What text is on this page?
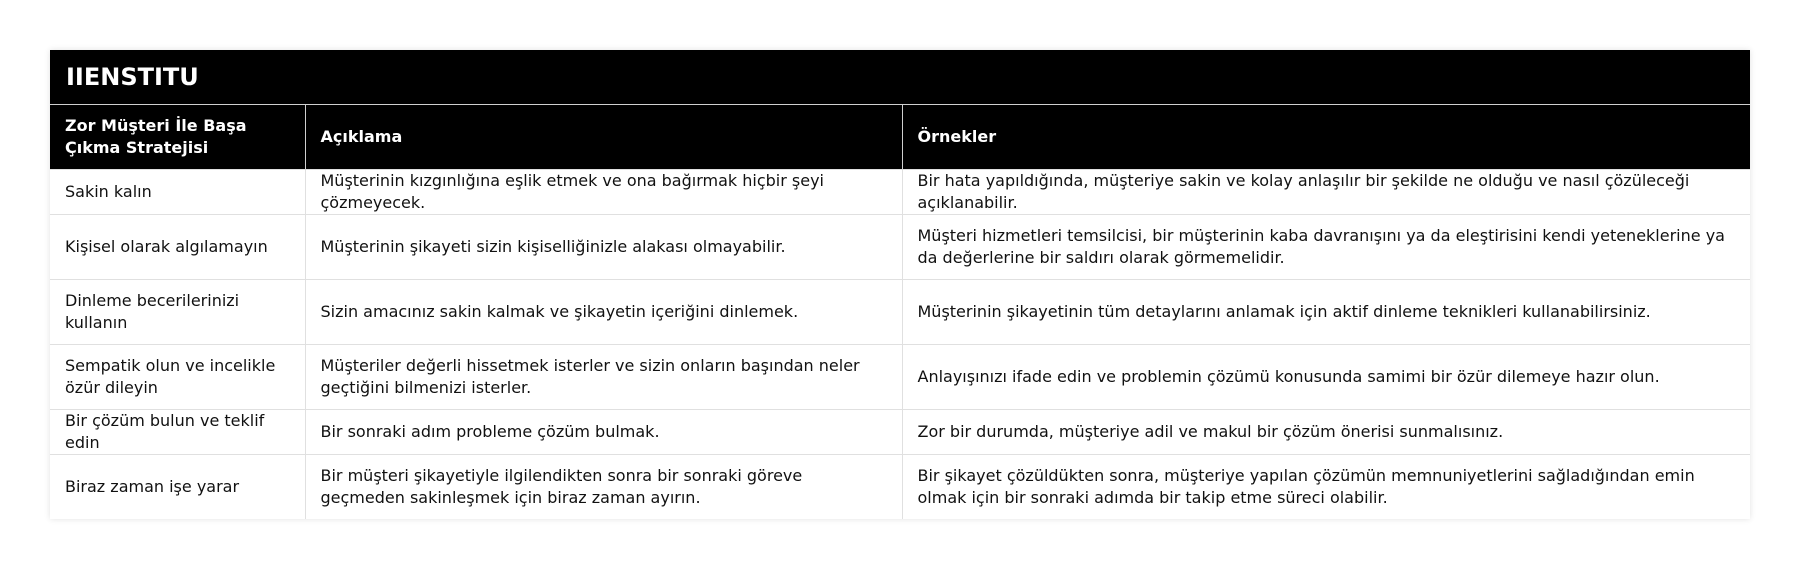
IIENSTITU
Zor Müşteri İle Başa Çıkma Stratejisi	Açıklama	Örnekler
Sakin kalın	Müşterinin kızgınlığına eşlik etmek ve ona bağırmak hiçbir şeyi çözmeyecek.	Bir hata yapıldığında, müşteriye sakin ve kolay anlaşılır bir şekilde ne olduğu ve nasıl çözüleceği açıklanabilir.
Kişisel olarak algılamayın	Müşterinin şikayeti sizin kişiselliğinizle alakası olmayabilir.	Müşteri hizmetleri temsilcisi, bir müşterinin kaba davranışını ya da eleştirisini kendi yeteneklerine ya da değerlerine bir saldırı olarak görmemelidir.
Dinleme becerilerinizi kullanın	Sizin amacınız sakin kalmak ve şikayetin içeriğini dinlemek.	Müşterinin şikayetinin tüm detaylarını anlamak için aktif dinleme teknikleri kullanabilirsiniz.
Sempatik olun ve incelikle özür dileyin	Müşteriler değerli hissetmek isterler ve sizin onların başından neler geçtiğini bilmenizi isterler.	Anlayışınızı ifade edin ve problemin çözümü konusunda samimi bir özür dilemeye hazır olun.
Bir çözüm bulun ve teklif edin	Bir sonraki adım probleme çözüm bulmak.	Zor bir durumda, müşteriye adil ve makul bir çözüm önerisi sunmalısınız.
Biraz zaman işe yarar	Bir müşteri şikayetiyle ilgilendikten sonra bir sonraki göreve geçmeden sakinleşmek için biraz zaman ayırın.	Bir şikayet çözüldükten sonra, müşteriye yapılan çözümün memnuniyetlerini sağladığından emin olmak için bir sonraki adımda bir takip etme süreci olabilir.
